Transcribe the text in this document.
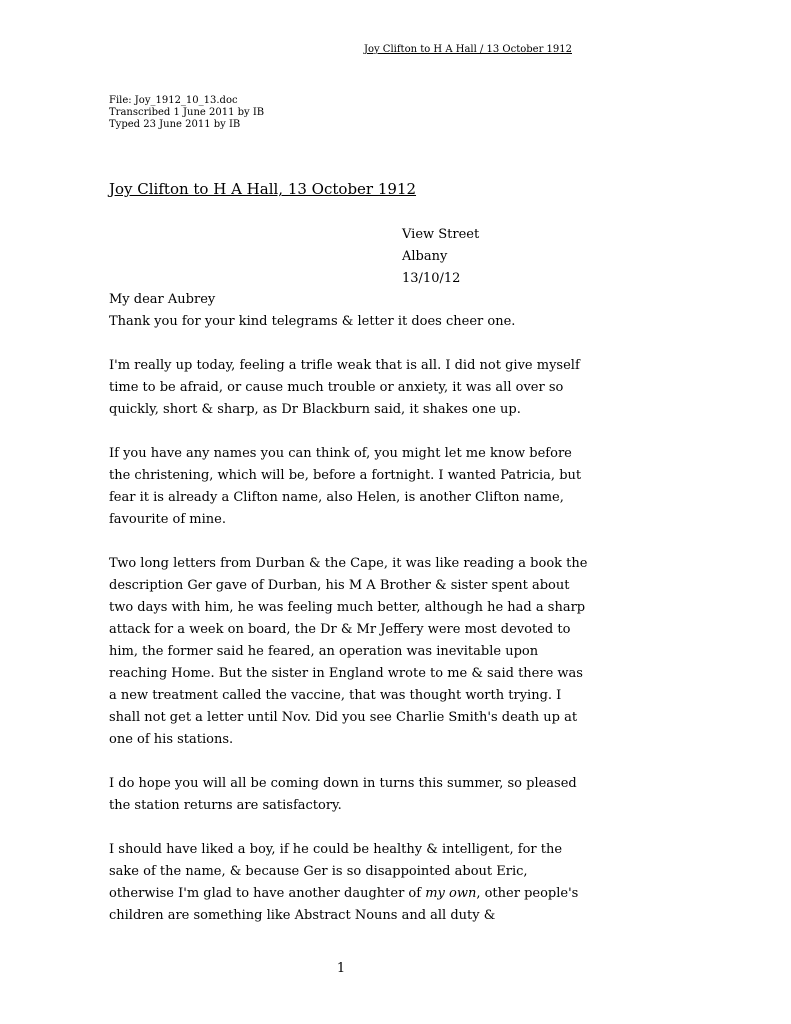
Joy Clifton to H A Hall / 13 October 1912
File: Joy_1912_10_13.doc
Transcribed 1 June 2011 by IB
Typed 23 June 2011 by IB
Joy Clifton to H A Hall, 13 October 1912
View Street
Albany
13/10/12

My dear Aubrey

Thank you for your kind telegrams & letter it does cheer one.

I'm really up today, feeling a trifle weak that is all. I did not give myself
time to be afraid, or cause much trouble or anxiety, it was all over so
quickly, short & sharp, as Dr Blackburn said, it shakes one up.

If you have any names you can think of, you might let me know before
the christening, which will be, before a fortnight. I wanted Patricia, but
fear it is already a Clifton name, also Helen, is another Clifton name,
favourite of mine.

Two long letters from Durban & the Cape, it was like reading a book the
description Ger gave of Durban, his M A Brother & sister spent about
two days with him, he was feeling much better, although he had a sharp
attack for a week on board, the Dr & Mr Jeffery were most devoted to
him, the former said he feared, an operation was inevitable upon
reaching Home. But the sister in England wrote to me & said there was
a new treatment called the vaccine, that was thought worth trying. I
shall not get a letter until Nov. Did you see Charlie Smith's death up at
one of his stations.

I do hope you will all be coming down in turns this summer, so pleased
the station returns are satisfactory.

I should have liked a boy, if he could be healthy & intelligent, for the
sake of the name, & because Ger is so disappointed about Eric,
otherwise I'm glad to have another daughter of my own, other people's
children are something like Abstract Nouns and all duty &

1
